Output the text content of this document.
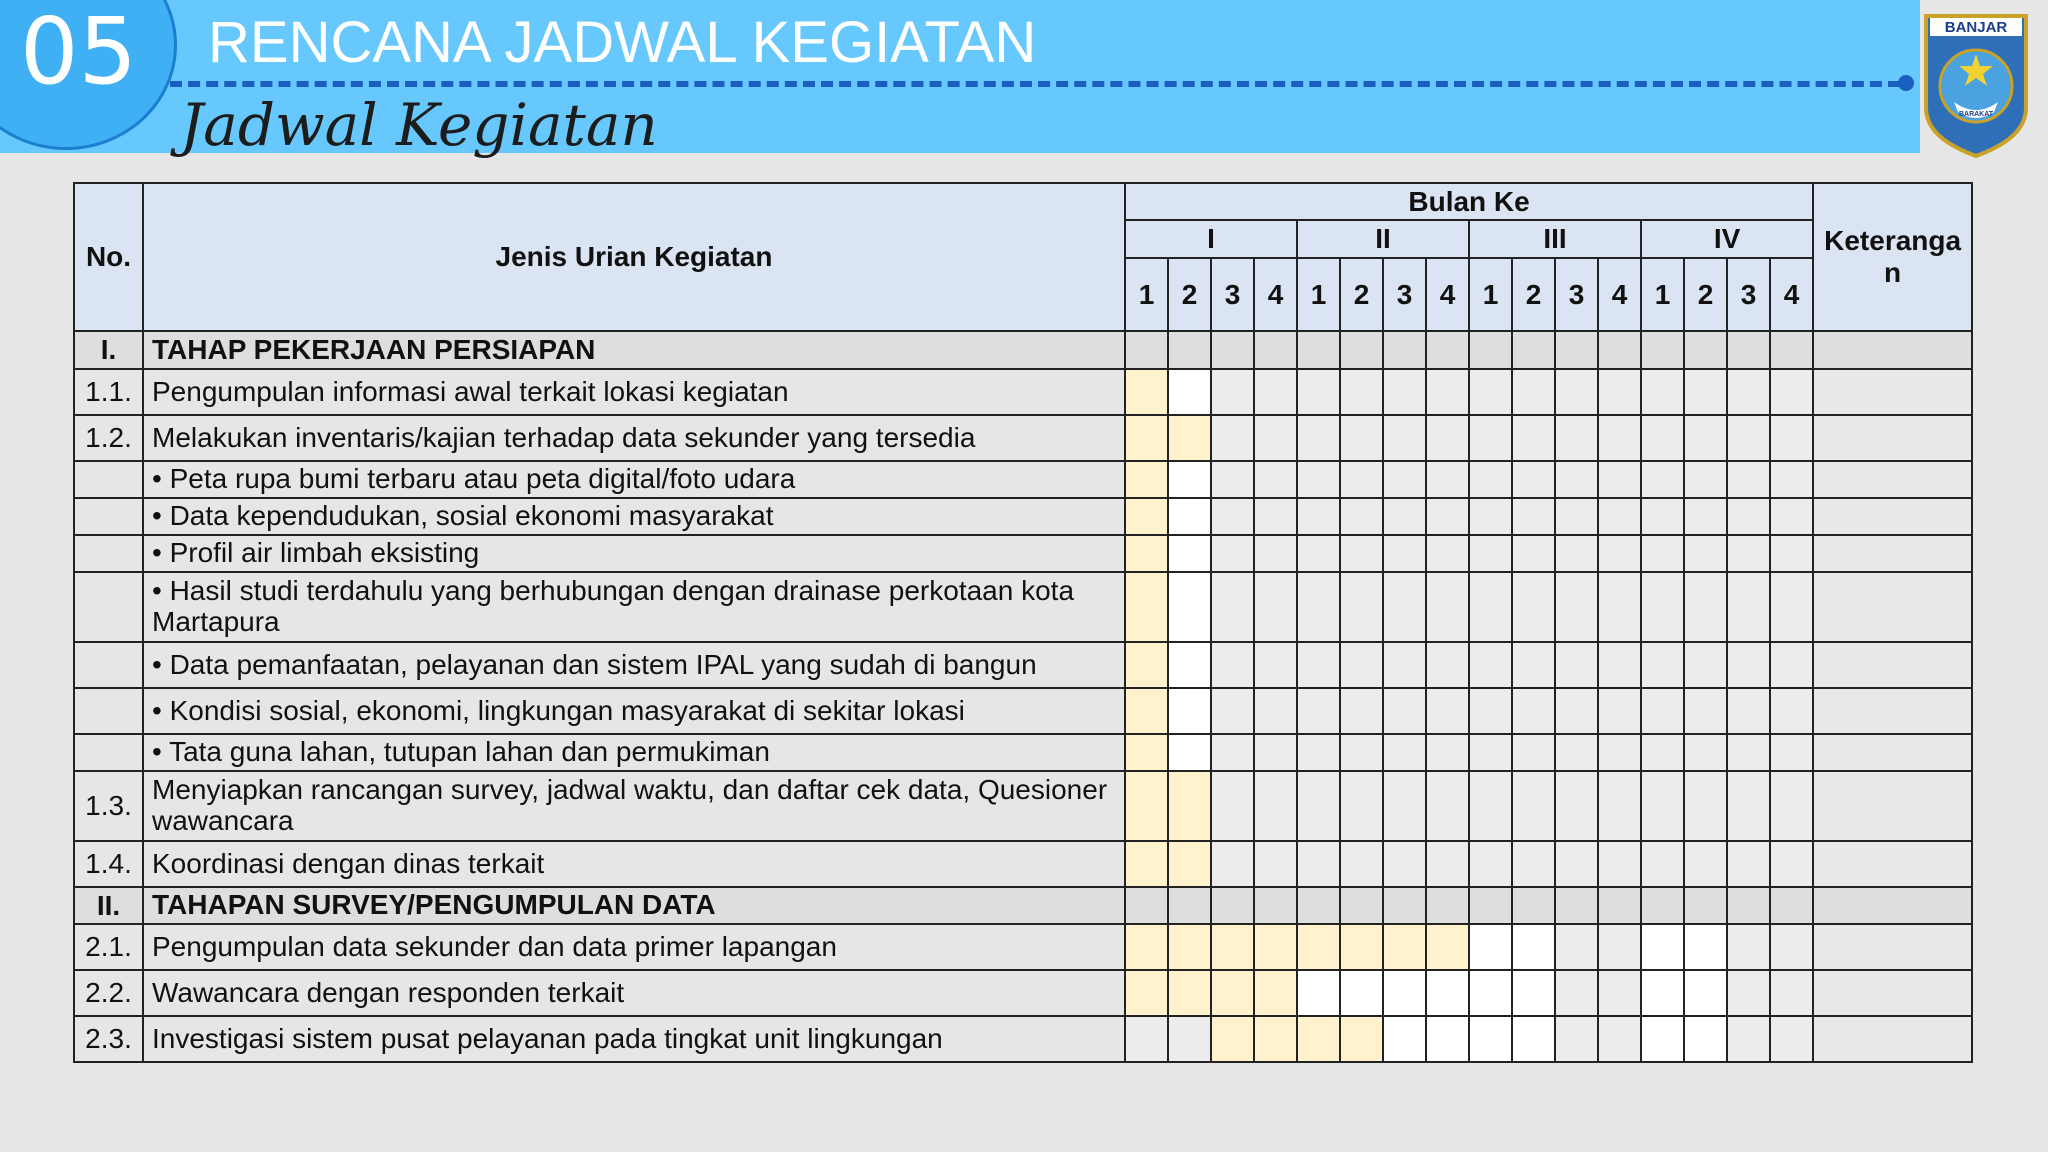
05 RENCANA JADWAL KEGIATAN
Jadwal Kegiatan
BANJAR
BARAKAT
No.	Jenis Urian Kegiatan	Bulan Ke																Keteranga n
		I				II				III				IV				
		1	2	3	4	1	2	3	4	1	2	3	4	1	2	3	4	
I.	TAHAP PEKERJAAN PERSIAPAN																	
1.1.	Pengumpulan informasi awal terkait lokasi kegiatan																	
1.2.	Melakukan inventaris/kajian terhadap data sekunder yang tersedia																	
	• Peta rupa bumi terbaru atau peta digital/foto udara																	
	• Data kependudukan, sosial ekonomi masyarakat																	
	• Profil air limbah eksisting																	
	• Hasil studi terdahulu yang berhubungan dengan drainase perkotaan kota Martapura																	
	• Data pemanfaatan, pelayanan dan sistem IPAL yang sudah di bangun																	
	• Kondisi sosial, ekonomi, lingkungan masyarakat di sekitar lokasi																	
	• Tata guna lahan, tutupan lahan dan permukiman																	
1.3.	Menyiapkan rancangan survey, jadwal waktu, dan daftar cek data, Quesioner wawancara																	
1.4.	Koordinasi dengan dinas terkait																	
II.	TAHAPAN SURVEY/PENGUMPULAN DATA																	
2.1.	Pengumpulan data sekunder dan data primer lapangan																	
2.2.	Wawancara dengan responden terkait																	
2.3.	Investigasi sistem pusat pelayanan pada tingkat unit lingkungan																	
